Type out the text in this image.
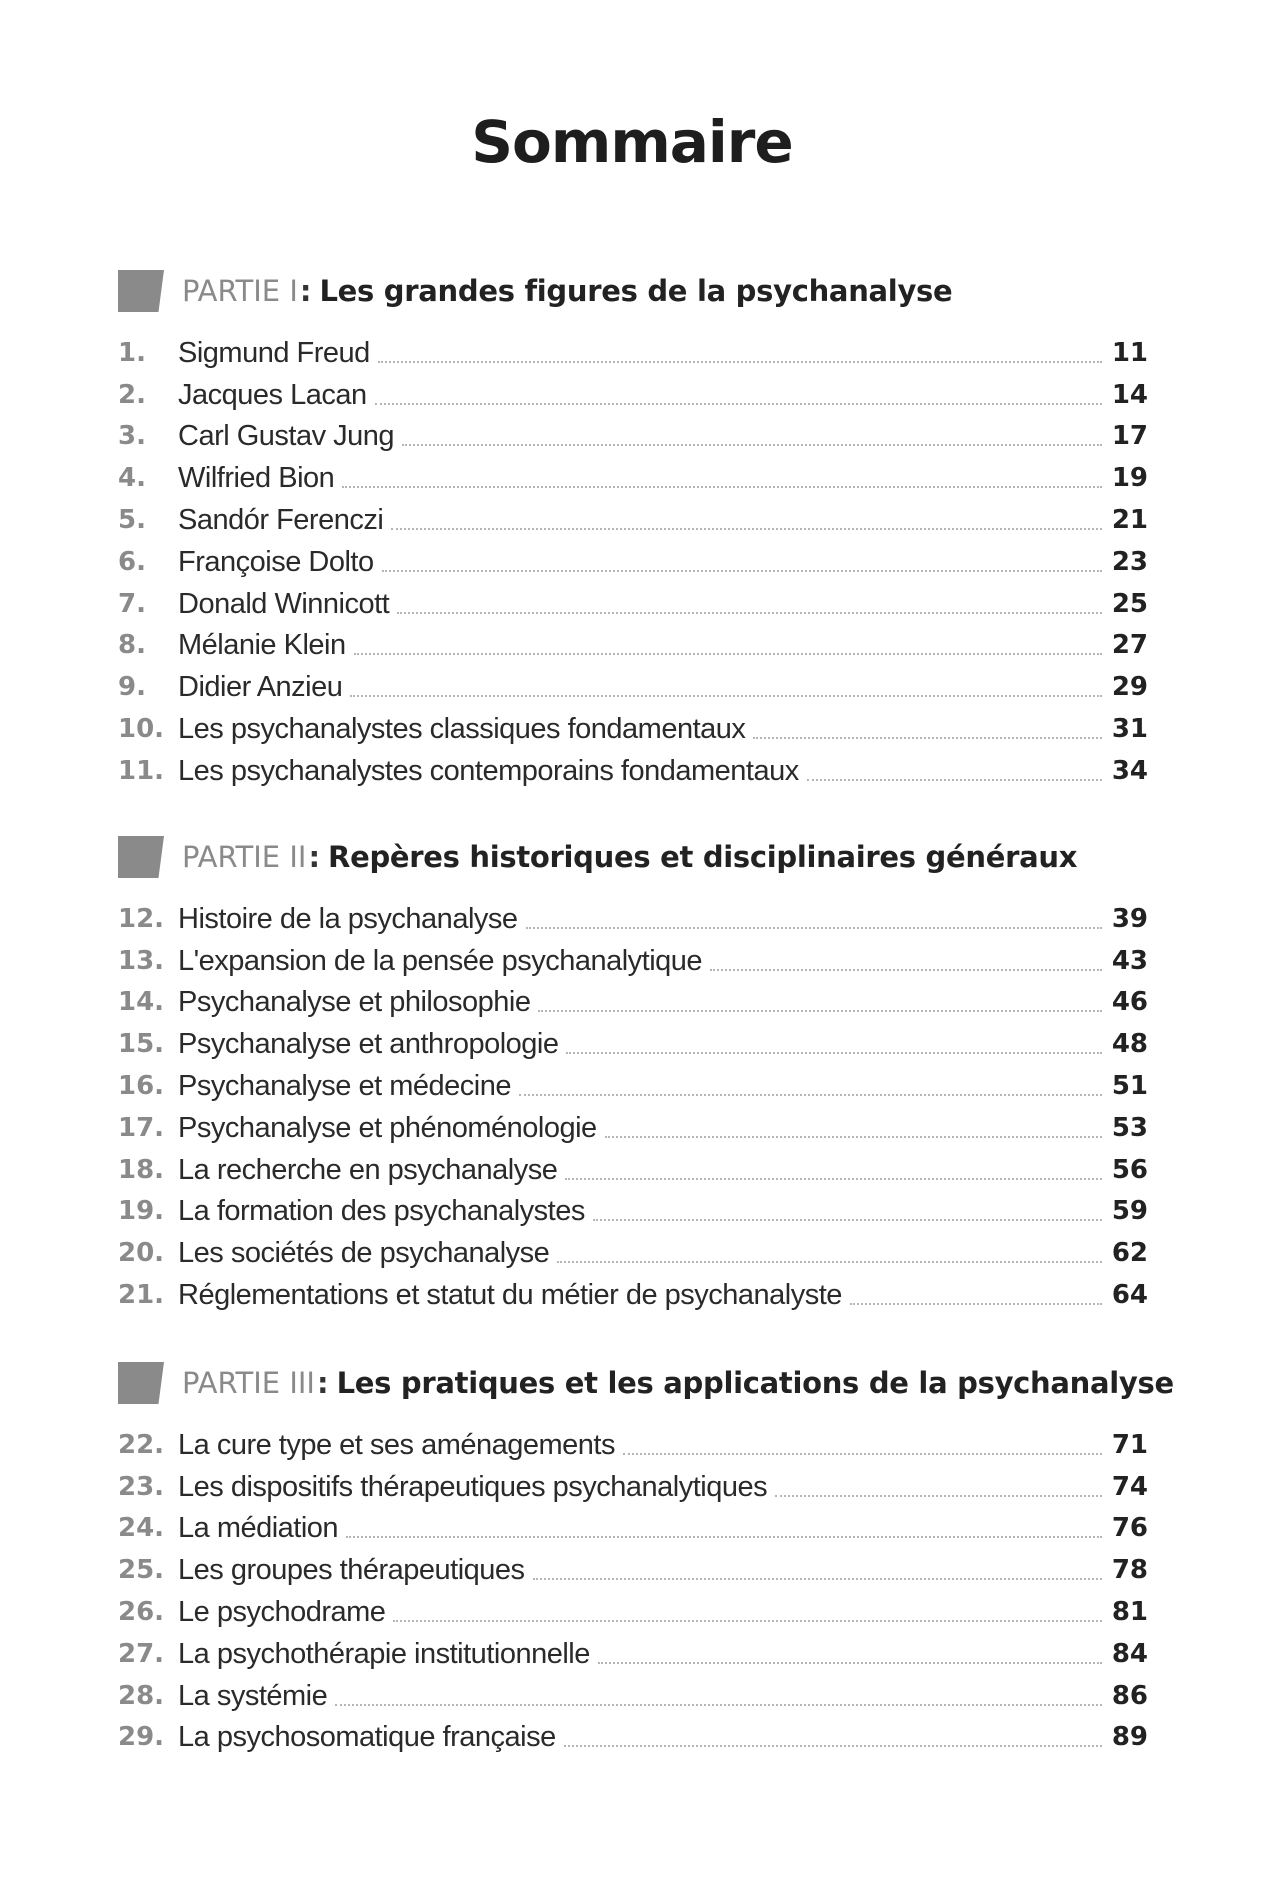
Sommaire
PARTIE I : Les grandes figures de la psychanalyse
1.	Sigmund Freud	11
2.	Jacques Lacan	14
3.	Carl Gustav Jung	17
4.	Wilfried Bion	19
5.	Sandór Ferenczi	21
6.	Françoise Dolto	23
7.	Donald Winnicott	25
8.	Mélanie Klein	27
9.	Didier Anzieu	29
10. Les psychanalystes classiques fondamentaux	31
11. Les psychanalystes contemporains fondamentaux	34
PARTIE II : Repères historiques et disciplinaires généraux
12. Histoire de la psychanalyse	39
13. L'expansion de la pensée psychanalytique	43
14. Psychanalyse et philosophie	46
15. Psychanalyse et anthropologie	48
16. Psychanalyse et médecine	51
17. Psychanalyse et phénoménologie	53
18. La recherche en psychanalyse	56
19. La formation des psychanalystes	59
20. Les sociétés de psychanalyse	62
21. Réglementations et statut du métier de psychanalyste	64
PARTIE III : Les pratiques et les applications de la psychanalyse
22. La cure type et ses aménagements	71
23. Les dispositifs thérapeutiques psychanalytiques	74
24. La médiation	76
25. Les groupes thérapeutiques	78
26. Le psychodrame	81
27. La psychothérapie institutionnelle	84
28. La systémie	86
29. La psychosomatique française	89
